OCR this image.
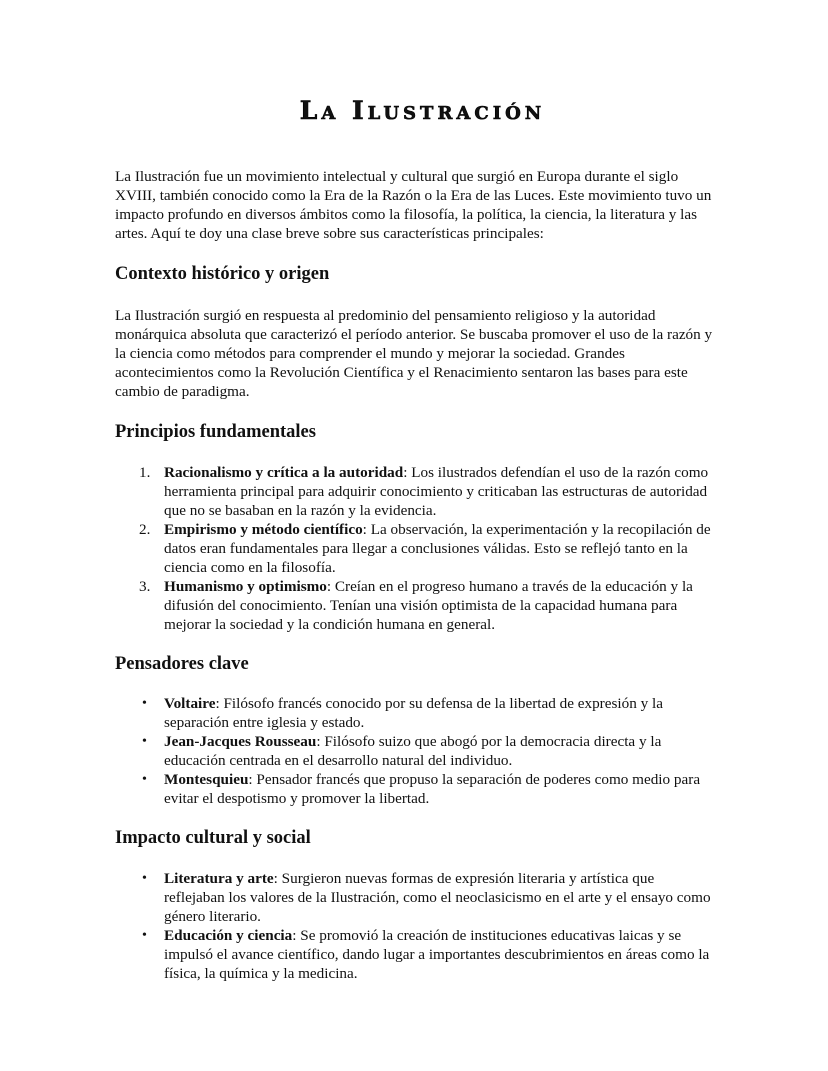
La Ilustración

La Ilustración fue un movimiento intelectual y cultural que surgió en Europa durante el siglo XVIII, también conocido como la Era de la Razón o la Era de las Luces. Este movimiento tuvo un impacto profundo en diversos ámbitos como la filosofía, la política, la ciencia, la literatura y las artes. Aquí te doy una clase breve sobre sus características principales:

Contexto histórico y origen

La Ilustración surgió en respuesta al predominio del pensamiento religioso y la autoridad monárquica absoluta que caracterizó el período anterior. Se buscaba promover el uso de la razón y la ciencia como métodos para comprender el mundo y mejorar la sociedad. Grandes acontecimientos como la Revolución Científica y el Renacimiento sentaron las bases para este cambio de paradigma.

Principios fundamentales
1. Racionalismo y crítica a la autoridad: Los ilustrados defendían el uso de la razón como herramienta principal para adquirir conocimiento y criticaban las estructuras de autoridad que no se basaban en la razón y la evidencia.
2. Empirismo y método científico: La observación, la experimentación y la recopilación de datos eran fundamentales para llegar a conclusiones válidas. Esto se reflejó tanto en la ciencia como en la filosofía.
3. Humanismo y optimismo: Creían en el progreso humano a través de la educación y la difusión del conocimiento. Tenían una visión optimista de la capacidad humana para mejorar la sociedad y la condición humana en general.
Pensadores clave
• Voltaire: Filósofo francés conocido por su defensa de la libertad de expresión y la separación entre iglesia y estado.
• Jean-Jacques Rousseau: Filósofo suizo que abogó por la democracia directa y la educación centrada en el desarrollo natural del individuo.
• Montesquieu: Pensador francés que propuso la separación de poderes como medio para evitar el despotismo y promover la libertad.
Impacto cultural y social
• Literatura y arte: Surgieron nuevas formas de expresión literaria y artística que reflejaban los valores de la Ilustración, como el neoclasicismo en el arte y el ensayo como género literario.
• Educación y ciencia: Se promovió la creación de instituciones educativas laicas y se impulsó el avance científico, dando lugar a importantes descubrimientos en áreas como la física, la química y la medicina.
